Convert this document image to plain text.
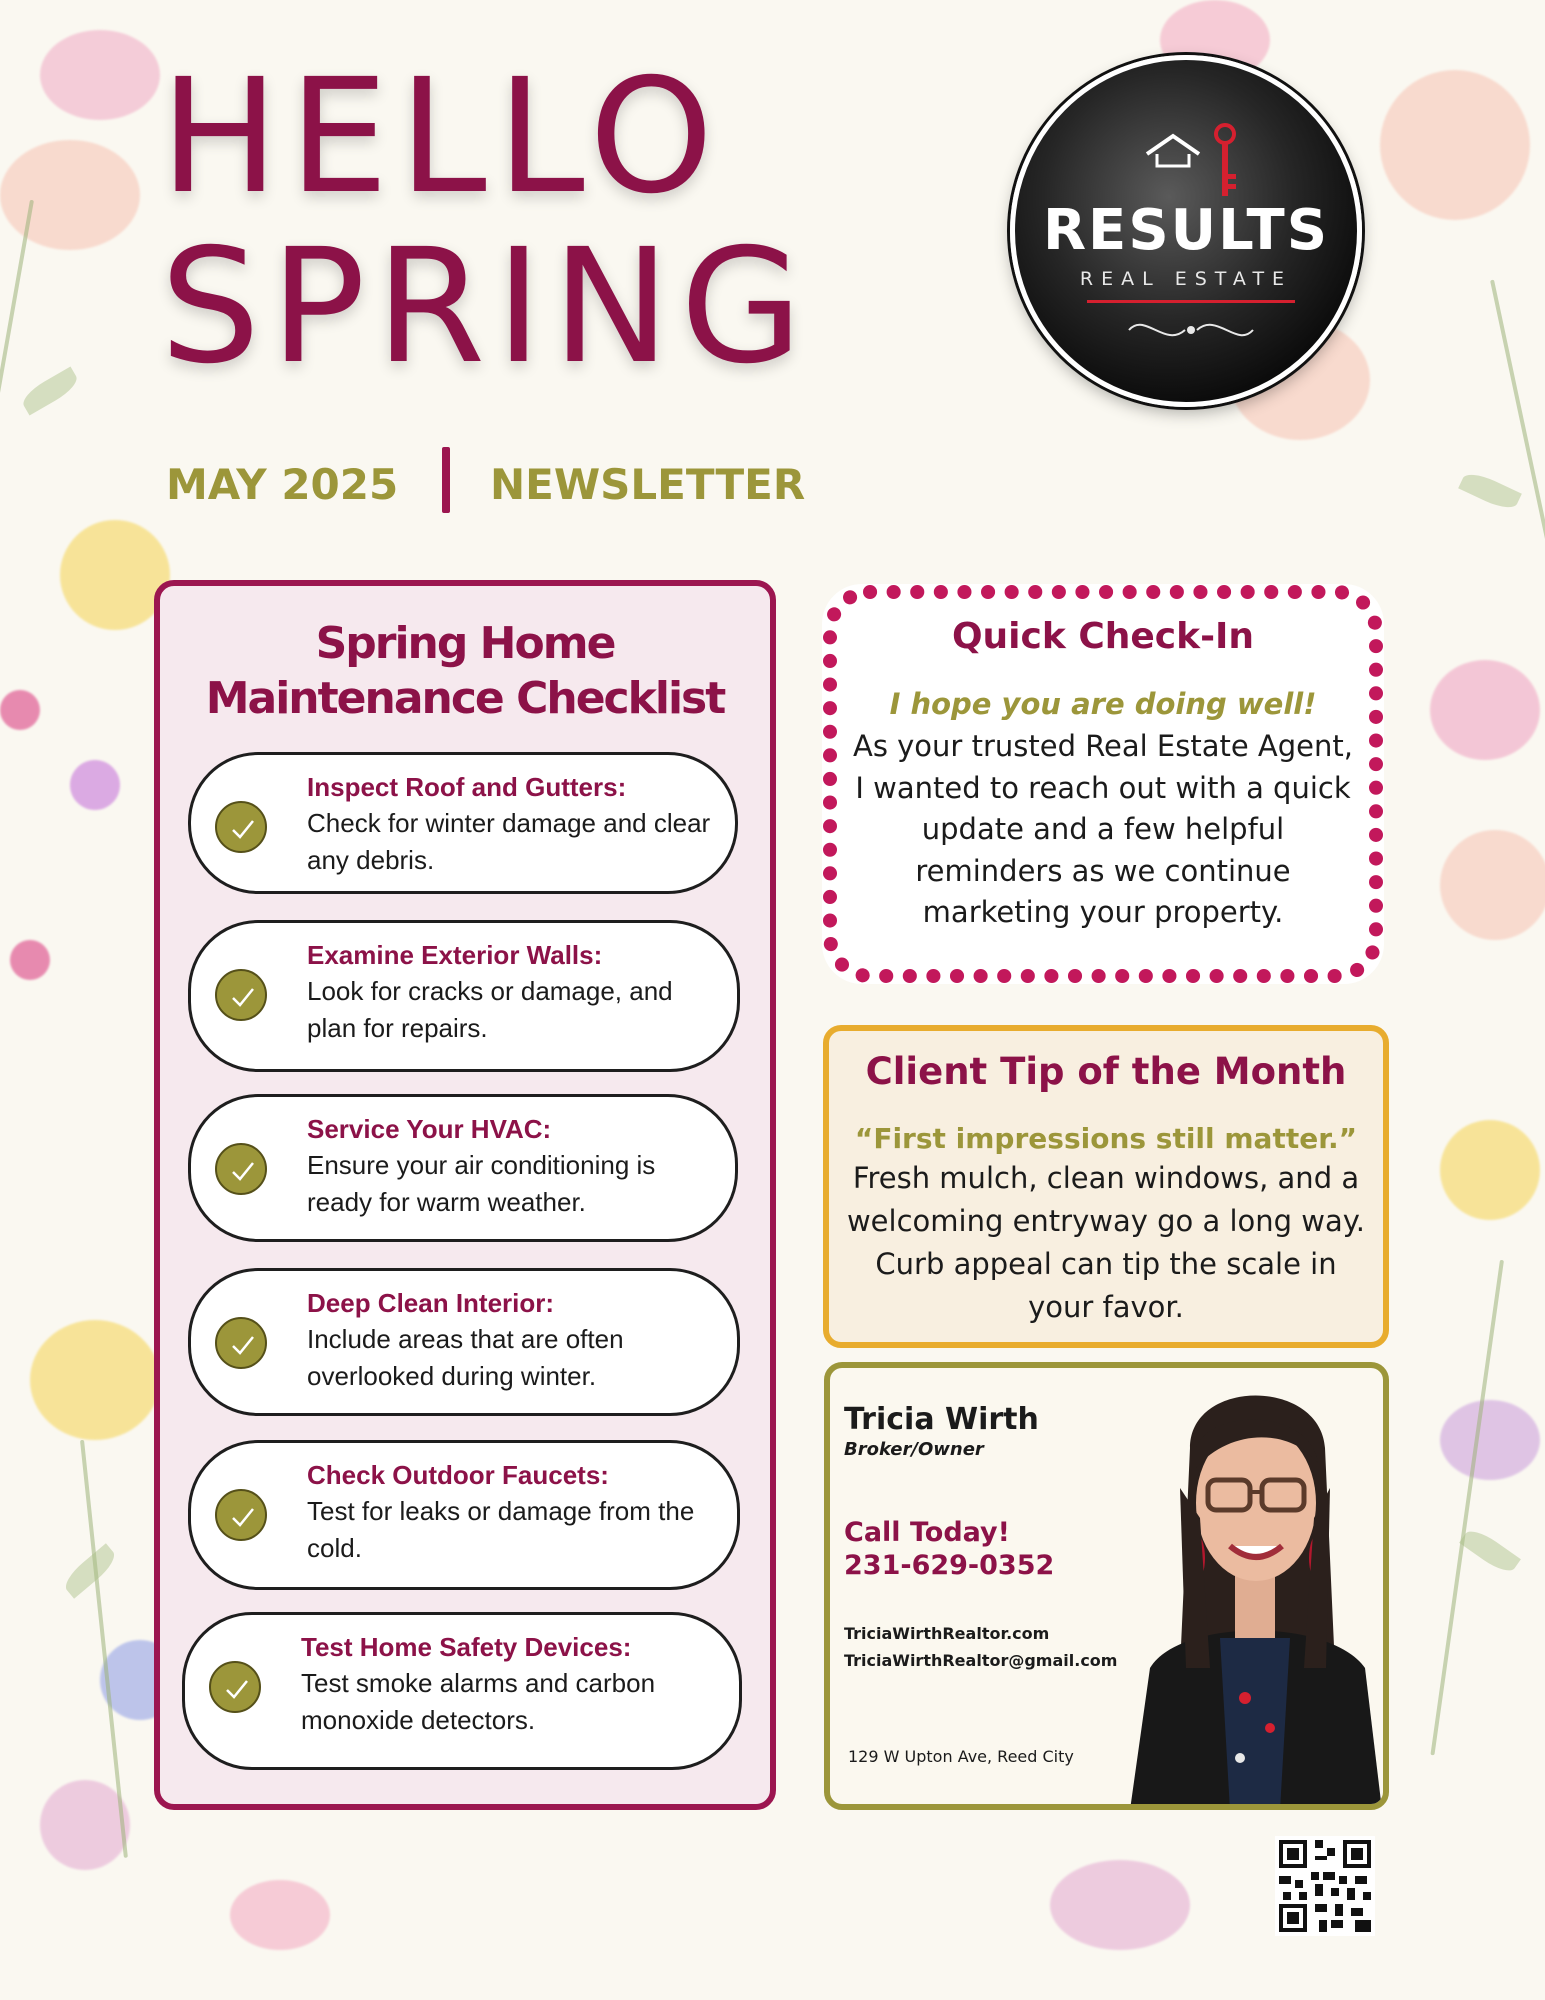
HELLO
SPRING
MAY 2025 NEWSLETTER
RESULTS
REAL ESTATE
Spring Home
Maintenance Checklist
Inspect Roof and Gutters:
Check for winter damage and clear any debris.
Examine Exterior Walls:
Look for cracks or damage, and plan for repairs.
Service Your HVAC:
Ensure your air conditioning is ready for warm weather.
Deep Clean Interior:
Include areas that are often overlooked during winter.
Check Outdoor Faucets:
Test for leaks or damage from the cold.
Test Home Safety Devices:
Test smoke alarms and carbon monoxide detectors.
Quick Check-In
I hope you are doing well!
As your trusted Real Estate Agent, I wanted to reach out with a quick update and a few helpful reminders as we continue marketing your property.
Client Tip of the Month
“First impressions still matter.”
Fresh mulch, clean windows, and a welcoming entryway go a long way. Curb appeal can tip the scale in your favor.
Tricia Wirth
Broker/Owner
Call Today!
231-629-0352
TriciaWirthRealtor.com
TriciaWirthRealtor@gmail.com
129 W Upton Ave, Reed City
